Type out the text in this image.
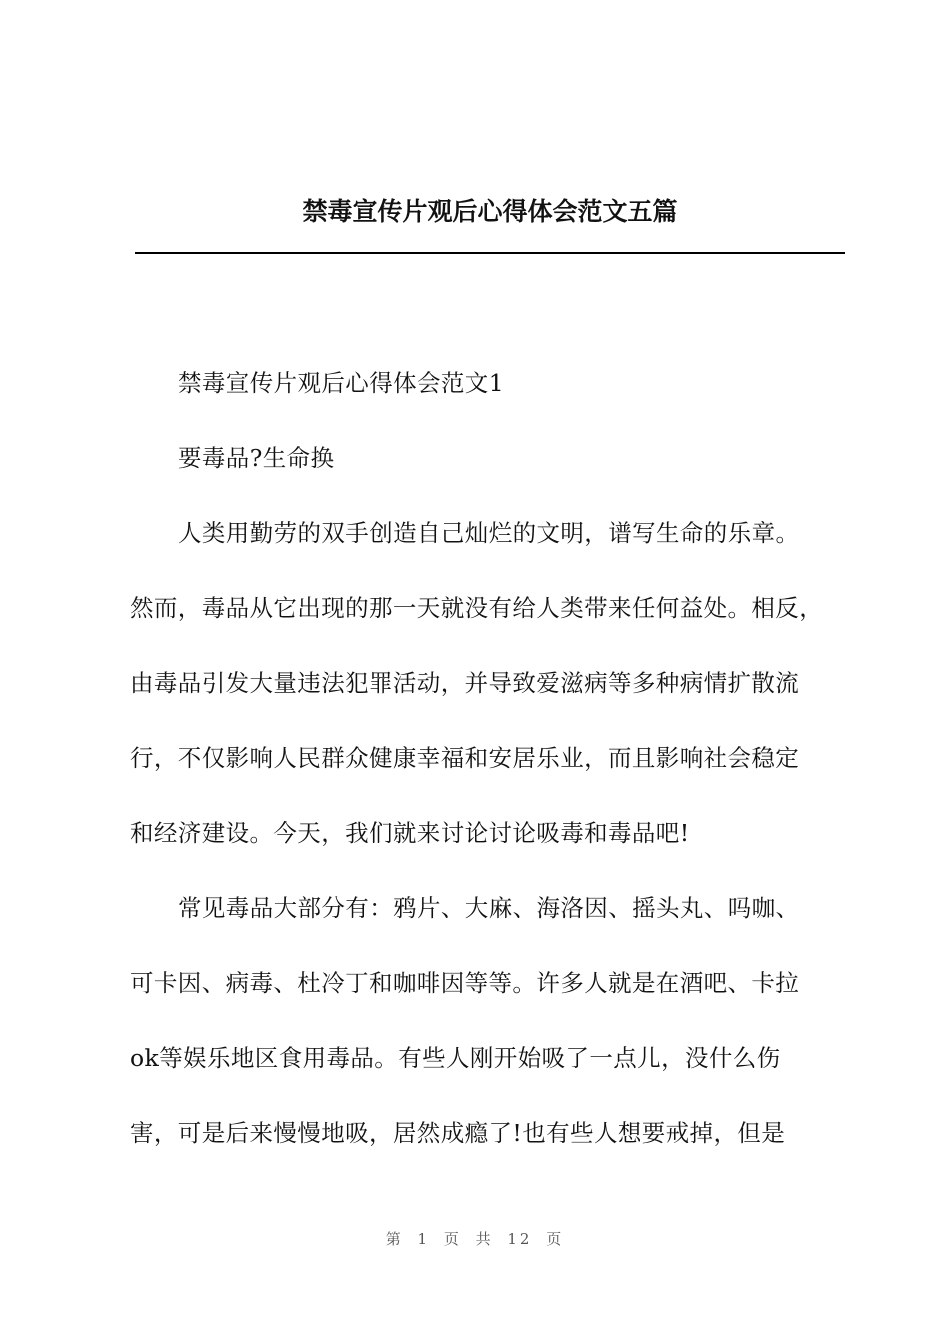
禁毒宣传片观后心得体会范文五篇

禁毒宣传片观后心得体会范文1

要毒品?生命换

人类用勤劳的双手创造自己灿烂的文明，谱写生命的乐章。
然而，毒品从它出现的那一天就没有给人类带来任何益处。相反，
由毒品引发大量违法犯罪活动，并导致爱滋病等多种病情扩散流
行，不仅影响人民群众健康幸福和安居乐业，而且影响社会稳定
和经济建设。今天，我们就来讨论讨论吸毒和毒品吧!

常见毒品大部分有：鸦片、大麻、海洛因、摇头丸、吗咖、
可卡因、病毒、杜冷丁和咖啡因等等。许多人就是在酒吧、卡拉
ok等娱乐地区食用毒品。有些人刚开始吸了一点儿，没什么伤
害，可是后来慢慢地吸，居然成瘾了!也有些人想要戒掉，但是

第 1 页 共 12 页
